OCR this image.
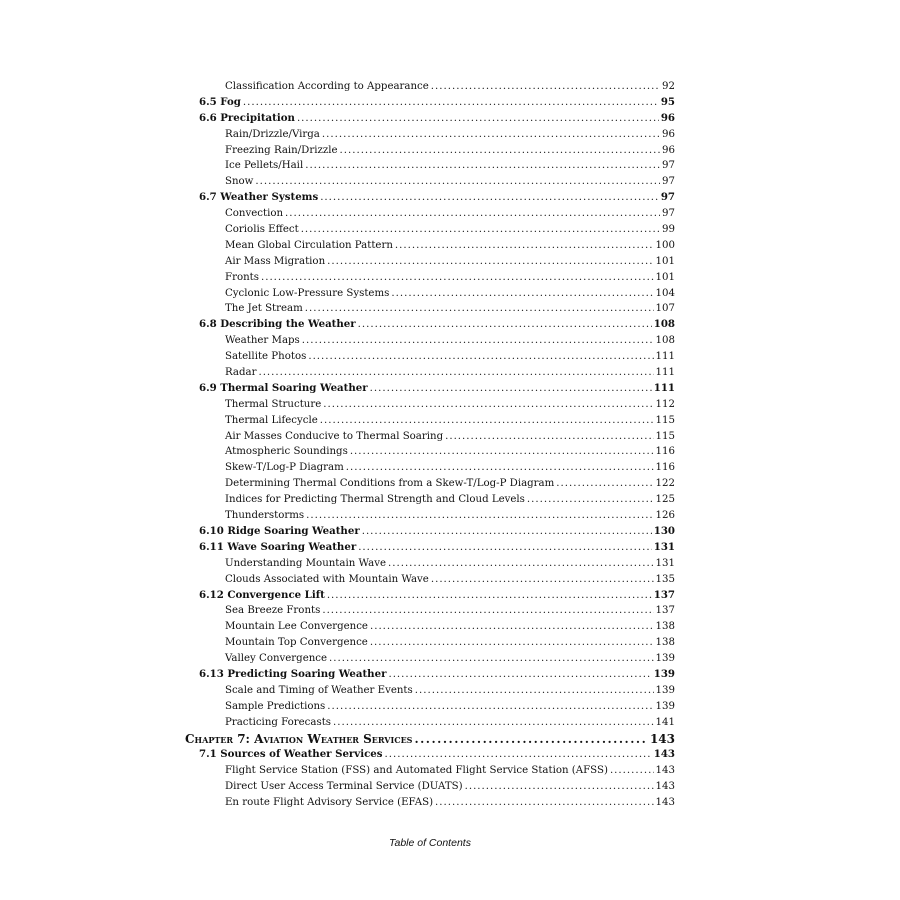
Classification According to Appearance .....	92
6.5 Fog .....	95
6.6 Precipitation .....	96
Rain/Drizzle/Virga .....	96
Freezing Rain/Drizzle .....	96
Ice Pellets/Hail .....	97
Snow .....	97
6.7 Weather Systems .....	97
Convection .....	97
Coriolis Effect .....	99
Mean Global Circulation Pattern .....	100
Air Mass Migration .....	101
Fronts .....	101
Cyclonic Low-Pressure Systems .....	104
The Jet Stream .....	107
6.8 Describing the Weather .....	108
Weather Maps .....	108
Satellite Photos .....	111
Radar .....	111
6.9 Thermal Soaring Weather .....	111
Thermal Structure .....	112
Thermal Lifecycle .....	115
Air Masses Conducive to Thermal Soaring .....	115
Atmospheric Soundings .....	116
Skew-T/Log-P Diagram .....	116
Determining Thermal Conditions from a Skew-T/Log-P Diagram .....	122
Indices for Predicting Thermal Strength and Cloud Levels .....	125
Thunderstorms .....	126
6.10 Ridge Soaring Weather .....	130
6.11 Wave Soaring Weather .....	131
Understanding Mountain Wave .....	131
Clouds Associated with Mountain Wave .....	135
6.12 Convergence Lift .....	137
Sea Breeze Fronts .....	137
Mountain Lee Convergence .....	138
Mountain Top Convergence .....	138
Valley Convergence .....	139
6.13 Predicting Soaring Weather .....	139
Scale and Timing of Weather Events .....	139
Sample Predictions .....	139
Practicing Forecasts .....	141
Chapter 7: Aviation Weather Services .....	143
7.1 Sources of Weather Services .....	143
Flight Service Station (FSS) and Automated Flight Service Station (AFSS) .....	143
Direct User Access Terminal Service (DUATS) .....	143
En route Flight Advisory Service (EFAS) .....	143
Table of Contents
